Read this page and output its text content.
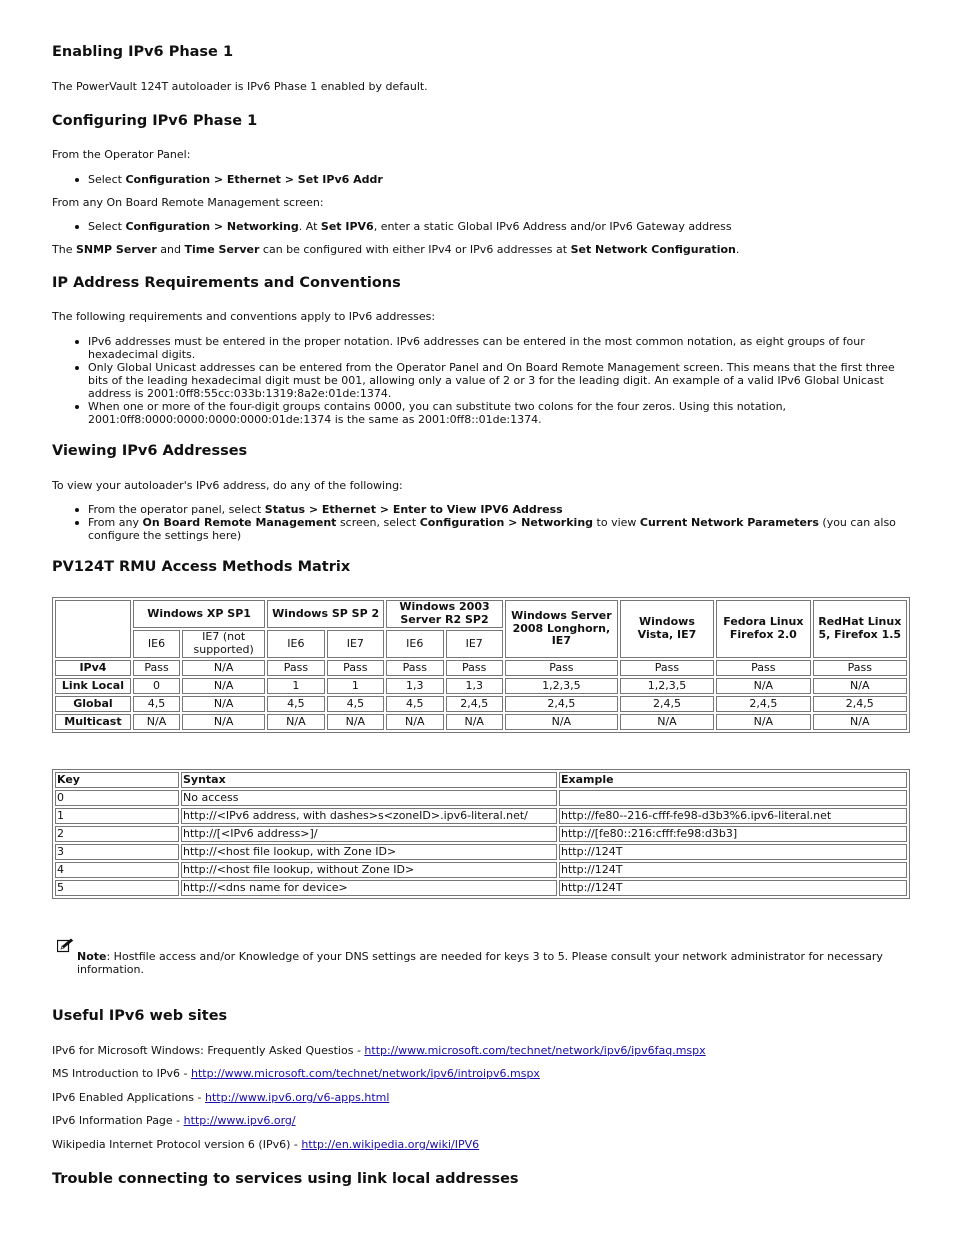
Enabling IPv6 Phase 1

The PowerVault 124T autoloader is IPv6 Phase 1 enabled by default.

Configuring IPv6 Phase 1

From the Operator Panel:

Select Configuration > Ethernet > Set IPv6 Addr

From any On Board Remote Management screen:

Select Configuration > Networking. At Set IPV6, enter a static Global IPv6 Address and/or IPv6 Gateway address

The SNMP Server and Time Server can be configured with either IPv4 or IPv6 addresses at Set Network Configuration.

IP Address Requirements and Conventions

The following requirements and conventions apply to IPv6 addresses:

IPv6 addresses must be entered in the proper notation. IPv6 addresses can be entered in the most common notation, as eight groups of four hexadecimal digits.
Only Global Unicast addresses can be entered from the Operator Panel and On Board Remote Management screen. This means that the first three bits of the leading hexadecimal digit must be 001, allowing only a value of 2 or 3 for the leading digit. An example of a valid IPv6 Global Unicast address is 2001:0ff8:55cc:033b:1319:8a2e:01de:1374.
When one or more of the four-digit groups contains 0000, you can substitute two colons for the four zeros. Using this notation, 2001:0ff8:0000:0000:0000:0000:01de:1374 is the same as 2001:0ff8::01de:1374.
Viewing IPv6 Addresses

To view your autoloader's IPv6 address, do any of the following:

From the operator panel, select Status > Ethernet > Enter to View IPV6 Address
From any On Board Remote Management screen, select Configuration > Networking to view Current Network Parameters (you can also configure the settings here)
PV124T RMU Access Methods Matrix
	Windows XP SP1		Windows SP SP 2		Windows 2003 Server R2 SP2		Windows Server 2008 Longhorn, IE7	Windows Vista, IE7	Fedora Linux Firefox 2.0	RedHat Linux 5, Firefox 1.5
	IE6	IE7 (not supported)	IE6	IE7	IE6	IE7				
IPv4	Pass	N/A	Pass	Pass	Pass	Pass	Pass	Pass	Pass	Pass
Link Local	0	N/A	1	1	1,3	1,3	1,2,3,5	1,2,3,5	N/A	N/A
Global	4,5	N/A	4,5	4,5	4,5	2,4,5	2,4,5	2,4,5	2,4,5	2,4,5
Multicast	N/A	N/A	N/A	N/A	N/A	N/A	N/A	N/A	N/A	N/A
Key	Syntax	Example
0	No access	
1	http://<IPv6 address, with dashes>s<zoneID>.ipv6-literal.net/	http://fe80--216-cfff-fe98-d3b3%6.ipv6-literal.net
2	http://[<IPv6 address>]/	http://[fe80::216:cfff:fe98:d3b3]
3	http://<host file lookup, with Zone ID>	http://124T
4	http://<host file lookup, without Zone ID>	http://124T
5	http://<dns name for device>	http://124T

Note: Hostfile access and/or Knowledge of your DNS settings are needed for keys 3 to 5. Please consult your network administrator for necessary information.

Useful IPv6 web sites

IPv6 for Microsoft Windows: Frequently Asked Questios - http://www.microsoft.com/technet/network/ipv6/ipv6faq.mspx

MS Introduction to IPv6 - http://www.microsoft.com/technet/network/ipv6/introipv6.mspx

IPv6 Enabled Applications - http://www.ipv6.org/v6-apps.html

IPv6 Information Page - http://www.ipv6.org/

Wikipedia Internet Protocol version 6 (IPv6) - http://en.wikipedia.org/wiki/IPV6

Trouble connecting to services using link local addresses
